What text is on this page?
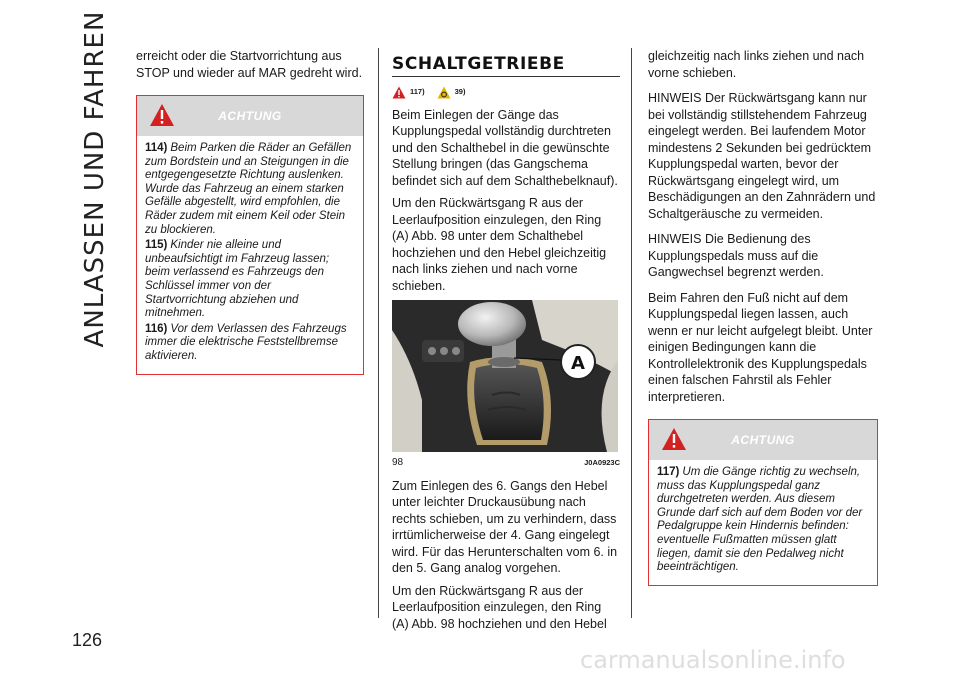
ANLASSEN UND FAHREN
126

erreicht oder die Startvorrichtung aus STOP und wieder auf MAR gedreht wird.

ACHTUNG
114) Beim Parken die Räder an Gefällen zum Bordstein und an Steigungen in die entgegengesetzte Richtung auslenken. Wurde das Fahrzeug an einem starken Gefälle abgestellt, wird empfohlen, die Räder zudem mit einem Keil oder Stein zu blockieren.
115) Kinder nie alleine und unbeaufsichtigt im Fahrzeug lassen; beim verlassend es Fahrzeugs den Schlüssel immer von der Startvorrichtung abziehen und mitnehmen.
116) Vor dem Verlassen des Fahrzeugs immer die elektrische Feststellbremse aktivieren.
SCHALTGETRIEBE
117)	39)

Beim Einlegen der Gänge das Kupplungspedal vollständig durchtreten und den Schalthebel in die gewünschte Stellung bringen (das Gangschema befindet sich auf dem Schalthebelknauf).

Um den Rückwärtsgang R aus der Leerlaufposition einzulegen, den Ring (A) Abb. 98 unter dem Schalthebel hochziehen und den Hebel gleichzeitig nach links ziehen und nach vorne schieben.

A
98	J0A0923C

Zum Einlegen des 6. Gangs den Hebel unter leichter Druckausübung nach rechts schieben, um zu verhindern, dass irrtümlicherweise der 4. Gang eingelegt wird. Für das Herunterschalten vom 6. in den 5. Gang analog vorgehen.

Um den Rückwärtsgang R aus der Leerlaufposition einzulegen, den Ring (A) Abb. 98 hochziehen und den Hebel

gleichzeitig nach links ziehen und nach vorne schieben.

HINWEIS Der Rückwärtsgang kann nur bei vollständig stillstehendem Fahrzeug eingelegt werden. Bei laufendem Motor mindestens 2 Sekunden bei gedrücktem Kupplungspedal warten, bevor der Rückwärtsgang eingelegt wird, um Beschädigungen an den Zahnrädern und Schaltgeräusche zu vermeiden.

HINWEIS Die Bedienung des Kupplungspedals muss auf die Gangwechsel begrenzt werden.

Beim Fahren den Fuß nicht auf dem Kupplungspedal liegen lassen, auch wenn er nur leicht aufgelegt bleibt. Unter einigen Bedingungen kann die Kontrollelektronik des Kupplungspedals einen falschen Fahrstil als Fehler interpretieren.

ACHTUNG
117) Um die Gänge richtig zu wechseln, muss das Kupplungspedal ganz durchgetreten werden. Aus diesem Grunde darf sich auf dem Boden vor der Pedalgruppe kein Hindernis befinden: eventuelle Fußmatten müssen glatt liegen, damit sie den Pedalweg nicht beeinträchtigen.
carmanualsonline.info
